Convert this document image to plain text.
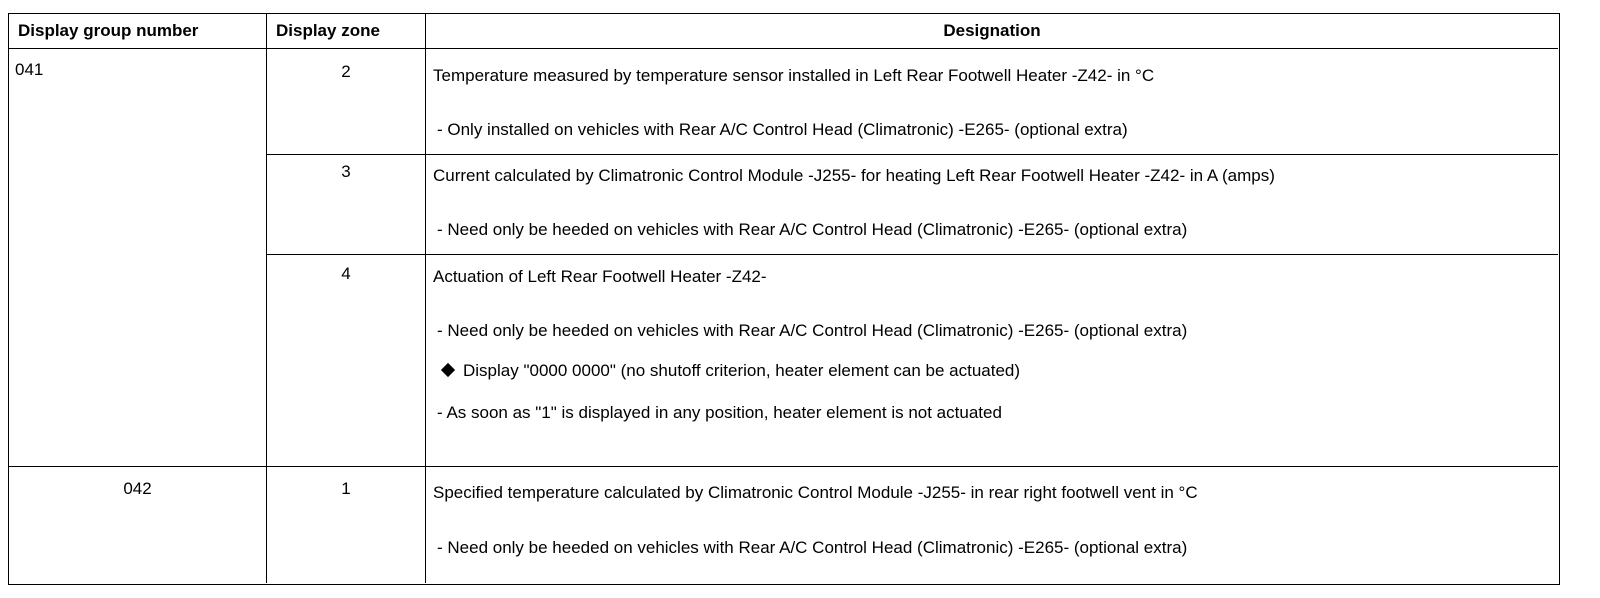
Display group number	Display zone	Designation
041	2	Temperature measured by temperature sensor installed in Left Rear Footwell Heater -Z42- in °C
- Only installed on vehicles with Rear A/C Control Head (Climatronic) -E265- (optional extra)
3	Current calculated by Climatronic Control Module -J255- for heating Left Rear Footwell Heater -Z42- in A (amps)
- Need only be heeded on vehicles with Rear A/C Control Head (Climatronic) -E265- (optional extra)
4	Actuation of Left Rear Footwell Heater -Z42-
- Need only be heeded on vehicles with Rear A/C Control Head (Climatronic) -E265- (optional extra)
Display "0000 0000" (no shutoff criterion, heater element can be actuated)
- As soon as "1" is displayed in any position, heater element is not actuated
042	1	Specified temperature calculated by Climatronic Control Module -J255- in rear right footwell vent in °C
- Need only be heeded on vehicles with Rear A/C Control Head (Climatronic) -E265- (optional extra)
